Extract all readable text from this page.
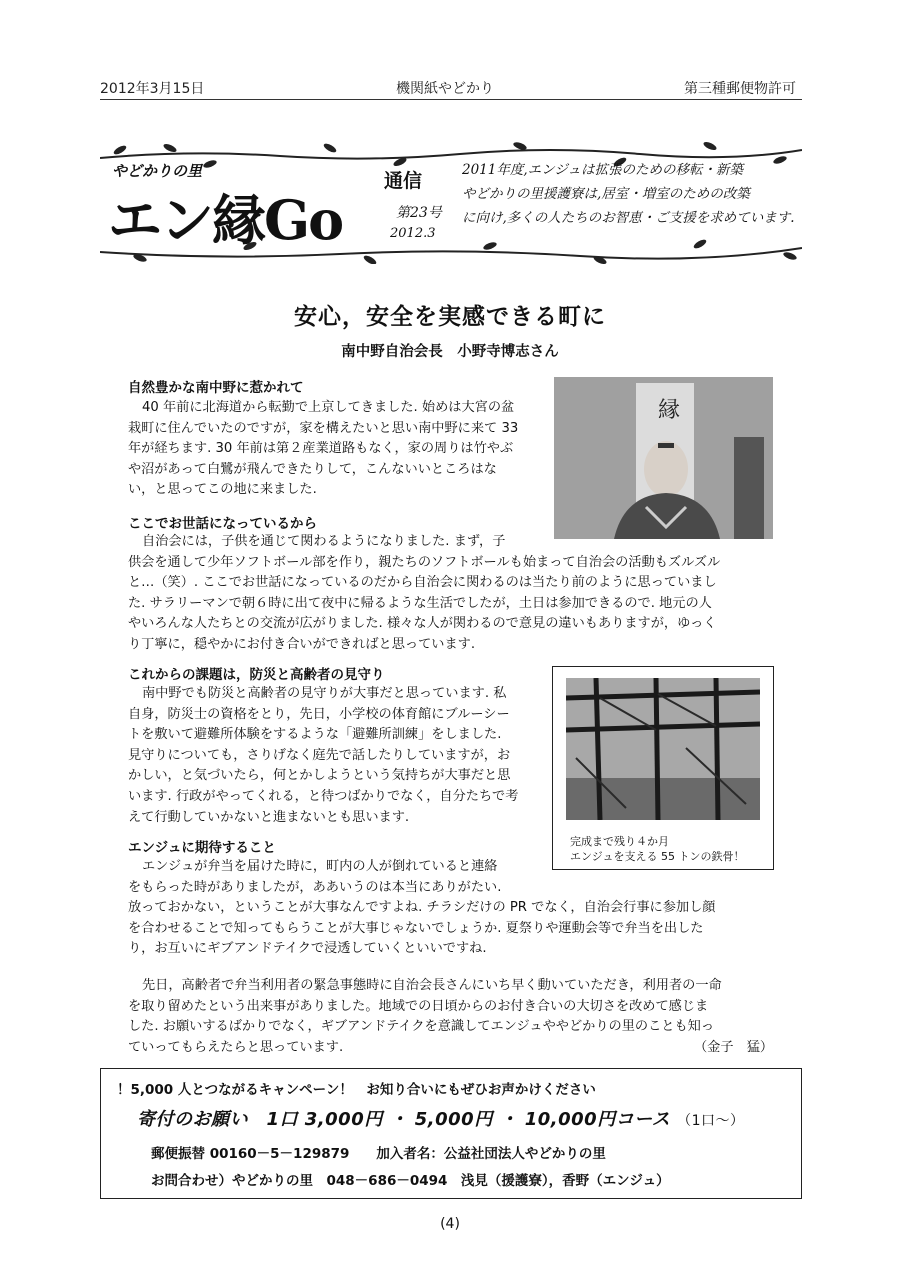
2012年3月15日	機関紙やどかり	第三種郵便物許可
やどかりの里
エン縁Go
通信
第23号
2012.3
2011年度,エンジュは拡張のための移転・新築
やどかりの里援護寮は,居室・増室のための改築
に向け,多くの人たちのお智恵・ご支援を求めています.
安心，安全を実感できる町に
南中野自治会長　小野寺博志さん
縁
自然豊かな南中野に惹かれて
40 年前に北海道から転勤で上京してきました. 始めは大宮の盆
栽町に住んでいたのですが，家を構えたいと思い南中野に来て 33
年が経ちます. 30 年前は第２産業道路もなく，家の周りは竹やぶ
や沼があって白鷺が飛んできたりして，こんないいところはな
い，と思ってこの地に来ました.
ここでお世話になっているから
自治会には，子供を通じて関わるようになりました. まず，子
供会を通して少年ソフトボール部を作り，親たちのソフトボールも始まって自治会の活動もズルズル
と…（笑）. ここでお世話になっているのだから自治会に関わるのは当たり前のように思っていまし
た. サラリーマンで朝６時に出て夜中に帰るような生活でしたが，土日は参加できるので. 地元の人
やいろんな人たちとの交流が広がりました. 様々な人が関わるので意見の違いもありますが，ゆっく
り丁寧に，穏やかにお付き合いができればと思っています.
完成まで残り４か月
エンジュを支える 55 トンの鉄骨！
これからの課題は，防災と高齢者の見守り
南中野でも防災と高齢者の見守りが大事だと思っています. 私
自身，防災士の資格をとり，先日，小学校の体育館にブルーシー
トを敷いて避難所体験をするような「避難所訓練」をしました.
見守りについても，さりげなく庭先で話したりしていますが，お
かしい，と気づいたら，何とかしようという気持ちが大事だと思
います. 行政がやってくれる，と待つばかりでなく，自分たちで考
えて行動していかないと進まないとも思います.
エンジュに期待すること
エンジュが弁当を届けた時に，町内の人が倒れていると連絡
をもらった時がありましたが，ああいうのは本当にありがたい.
放っておかない，ということが大事なんですよね. チラシだけの PR でなく，自治会行事に参加し顔
を合わせることで知ってもらうことが大事じゃないでしょうか. 夏祭りや運動会等で弁当を出した
り，お互いにギブアンドテイクで浸透していくといいですね.
先日，高齢者で弁当利用者の緊急事態時に自治会長さんにいち早く動いていただき，利用者の一命
を取り留めたという出来事がありました。地域での日頃からのお付き合いの大切さを改めて感じま
した. お願いするばかりでなく，ギブアンドテイクを意識してエンジュややどかりの里のことも知っ
ていってもらえたらと思っています.	（金子　猛）
！5,000 人とつながるキャンペーン！　お知り合いにもぜひお声かけください
寄付のお願い　1口 3,000円 ・ 5,000円 ・ 10,000円コース （1口～）
郵便振替 00160－5－129879　　加入者名：公益社団法人やどかりの里
お問合わせ）やどかりの里　048－686－0494　浅見（援護寮），香野（エンジュ）
(4)
